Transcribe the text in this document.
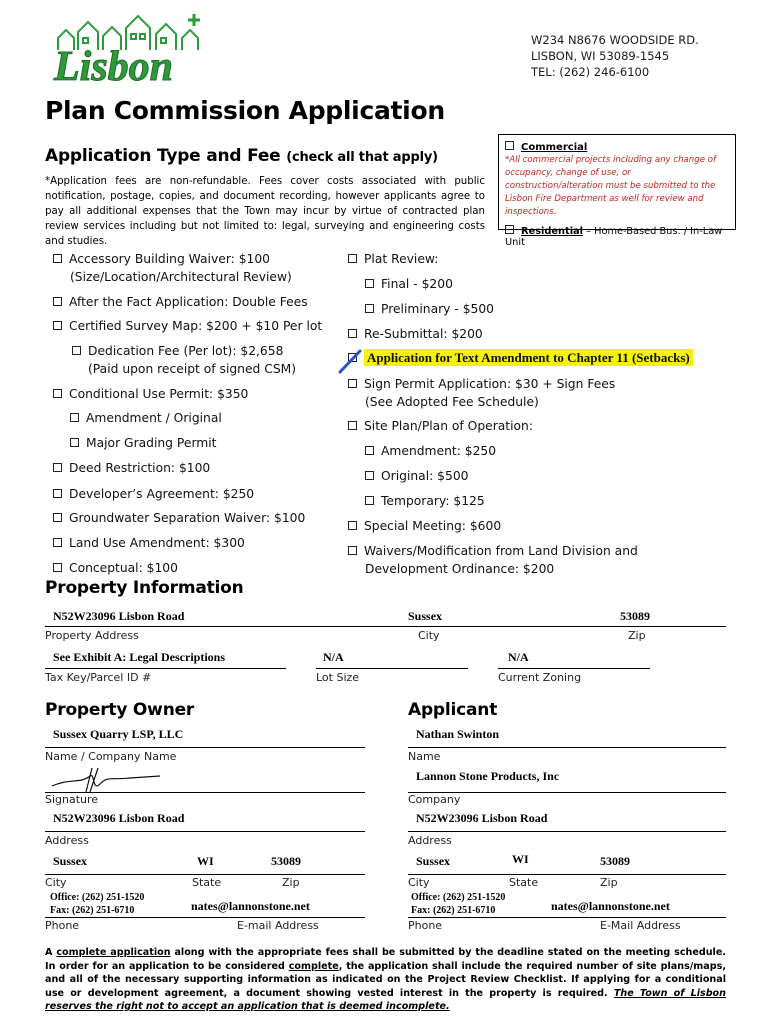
Lisbon
W234 N8676 WOODSIDE RD.
LISBON, WI 53089-1545
TEL: (262) 246-6100
Plan Commission Application
Application Type and Fee (check all that apply)
*Application fees are non-refundable. Fees cover costs associated with public notification, postage, copies, and document recording, however applicants agree to pay all additional expenses that the Town may incur by virtue of contracted plan review services including but not limited to: legal, surveying and engineering costs and studies.
Commercial
*All commercial projects including any change of occupancy, change of use, or construction/alteration must be submitted to the Lisbon Fire Department as well for review and inspections.
Residential – Home-Based Bus. / In-Law Unit
Accessory Building Waiver: $100
(Size/Location/Architectural Review)
After the Fact Application: Double Fees
Certified Survey Map: $200 + $10 Per lot
Dedication Fee (Per lot): $2,658
(Paid upon receipt of signed CSM)
Conditional Use Permit: $350
Amendment / Original
Major Grading Permit
Deed Restriction: $100
Developer’s Agreement: $250
Groundwater Separation Waiver: $100
Land Use Amendment: $300
Conceptual: $100
Plat Review:
Final - $200
Preliminary - $500
Re-Submittal: $200
Application for Text Amendment to Chapter 11 (Setbacks)
Sign Permit Application: $30 + Sign Fees
(See Adopted Fee Schedule)
Site Plan/Plan of Operation:
Amendment: $250
Original: $500
Temporary: $125
Special Meeting: $600
Waivers/Modification from Land Division and
Development Ordinance: $200
Property Information
N52W23096 Lisbon Road	Sussex	53089
Property Address	City	Zip
See Exhibit A: Legal Descriptions	N/A	N/A
Tax Key/Parcel ID #	Lot Size	Current Zoning
Property Owner
Sussex Quarry LSP, LLC
Name / Company Name
Signature
N52W23096 Lisbon Road
Address
Sussex	WI	53089
City	State	Zip
Office: (262) 251-1520
Fax: (262) 251-6710	nates@lannonstone.net
Phone	E-mail Address
Applicant
Nathan Swinton
Name
Lannon Stone Products, Inc
Company
N52W23096 Lisbon Road
Address
Sussex	WI	53089
City	State	Zip
Office: (262) 251-1520
Fax: (262) 251-6710	nates@lannonstone.net
Phone	E-Mail Address
A complete application along with the appropriate fees shall be submitted by the deadline stated on the meeting schedule. In order for an application to be considered complete, the application shall include the required number of site plans/maps, and all of the necessary supporting information as indicated on the Project Review Checklist. If applying for a conditional use or development agreement, a document showing vested interest in the property is required. The Town of Lisbon reserves the right not to accept an application that is deemed incomplete.
